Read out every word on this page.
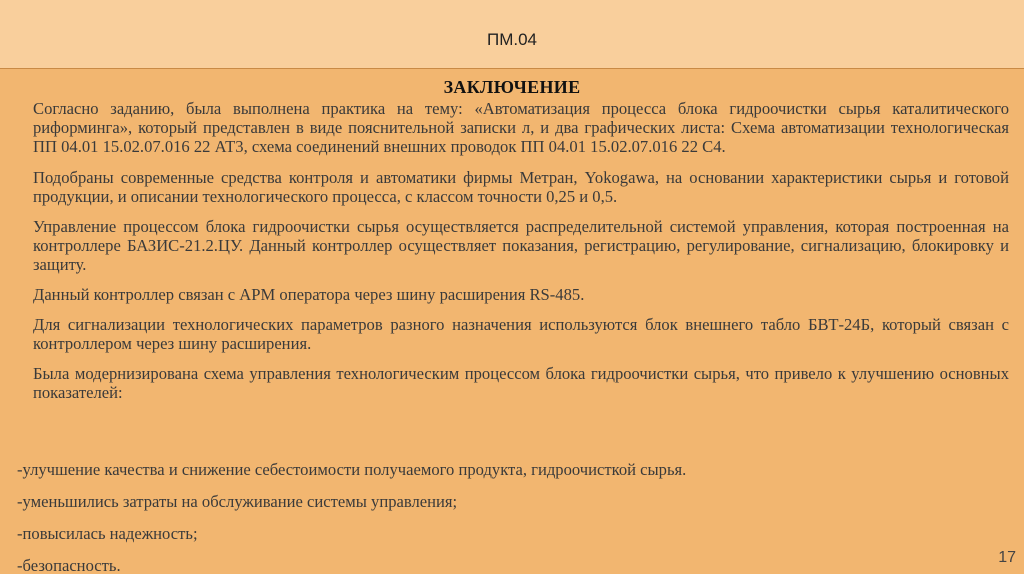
ПМ.04
ЗАКЛЮЧЕНИЕ

Согласно заданию, была выполнена практика на тему: «Автоматизация процесса блока гидроочистки сырья каталитического риформинга», который представлен в виде пояснительной записки л, и два графических листа: Схема автоматизации технологическая ПП 04.01 15.02.07.016 22 АТ3, схема соединений внешних проводок ПП 04.01 15.02.07.016 22 С4.

Подобраны современные средства контроля и автоматики фирмы Метран, Yokogawa, на основании характеристики сырья и готовой продукции, и описании технологического процесса, с классом точности 0,25 и 0,5.

Управление процессом блока гидроочистки сырья осуществляется распределительной системой управления, которая построенная на контроллере БАЗИС-21.2.ЦУ. Данный контроллер осуществляет показания, регистрацию, регулирование, сигнализацию, блокировку и защиту.

Данный контроллер связан с АРМ оператора через шину расширения RS-485.

Для сигнализации технологических параметров разного назначения используются блок внешнего табло БВТ-24Б, который связан с контроллером через шину расширения.

Была модернизирована схема управления технологическим процессом блока гидроочистки сырья, что привело к улучшению основных показателей:

-улучшение качества и снижение себестоимости получаемого продукта, гидроочисткой сырья.

-уменьшились затраты на обслуживание системы управления;

-повысилась надежность;

-безопасность.	17
